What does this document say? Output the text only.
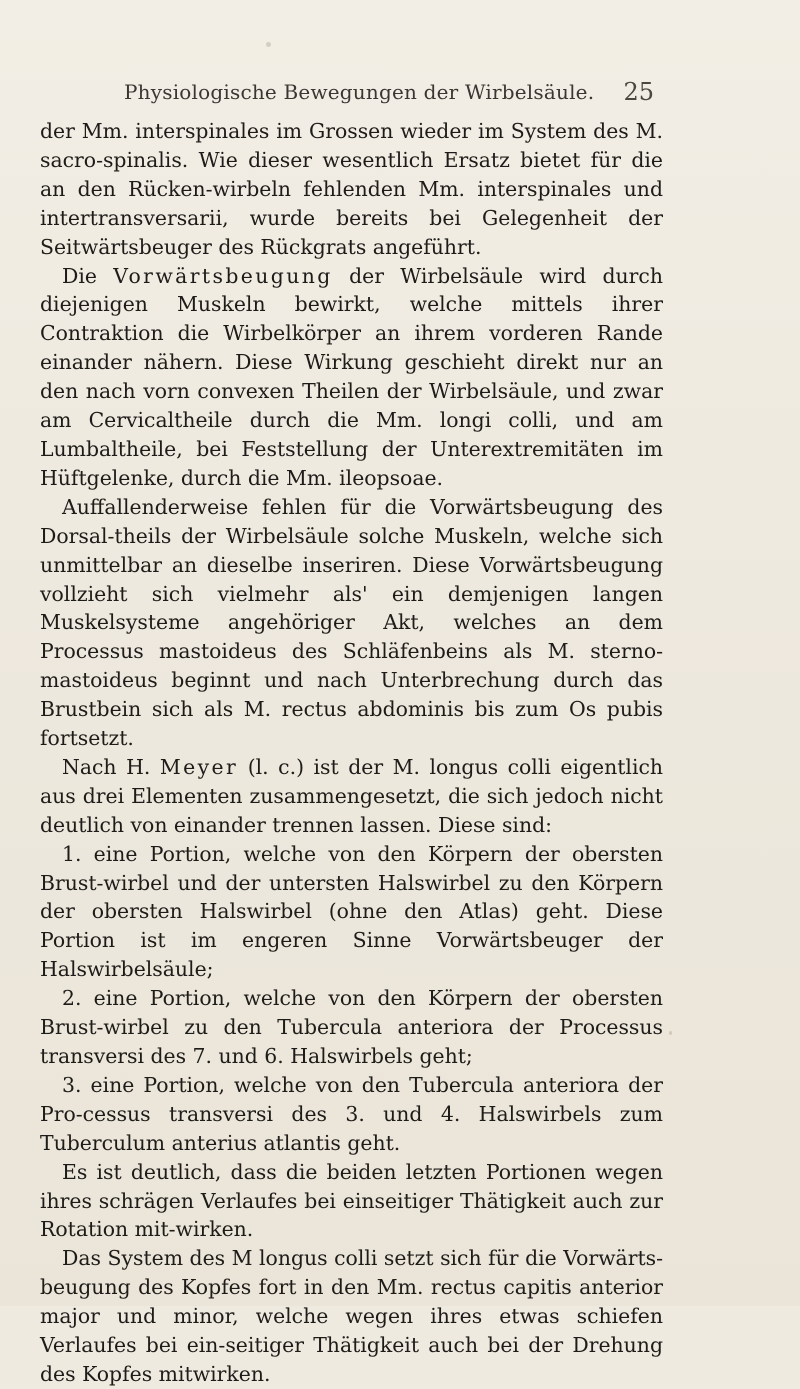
Physiologische Bewegungen der Wirbelsäule. 25

der Mm. interspinales im Grossen wieder im System des M. sacro-spinalis. Wie dieser wesentlich Ersatz bietet für die an den Rücken-wirbeln fehlenden Mm. interspinales und intertransversarii, wurde bereits bei Gelegenheit der Seitwärtsbeuger des Rückgrats angeführt.

Die Vorwärtsbeugung der Wirbelsäule wird durch diejenigen Muskeln bewirkt, welche mittels ihrer Contraktion die Wirbelkörper an ihrem vorderen Rande einander nähern. Diese Wirkung geschieht direkt nur an den nach vorn convexen Theilen der Wirbelsäule, und zwar am Cervicaltheile durch die Mm. longi colli, und am Lumbaltheile, bei Feststellung der Unterextremitäten im Hüftgelenke, durch die Mm. ileopsoae.

Auffallenderweise fehlen für die Vorwärtsbeugung des Dorsal-theils der Wirbelsäule solche Muskeln, welche sich unmittelbar an dieselbe inseriren. Diese Vorwärtsbeugung vollzieht sich vielmehr als' ein demjenigen langen Muskelsysteme angehöriger Akt, welches an dem Processus mastoideus des Schläfenbeins als M. sterno-mastoideus beginnt und nach Unterbrechung durch das Brustbein sich als M. rectus abdominis bis zum Os pubis fortsetzt.

Nach H. Meyer (l. c.) ist der M. longus colli eigentlich aus drei Elementen zusammengesetzt, die sich jedoch nicht deutlich von einander trennen lassen. Diese sind:

1. eine Portion, welche von den Körpern der obersten Brust-wirbel und der untersten Halswirbel zu den Körpern der obersten Halswirbel (ohne den Atlas) geht. Diese Portion ist im engeren Sinne Vorwärtsbeuger der Halswirbelsäule;

2. eine Portion, welche von den Körpern der obersten Brust-wirbel zu den Tubercula anteriora der Processus transversi des 7. und 6. Halswirbels geht;

3. eine Portion, welche von den Tubercula anteriora der Pro-cessus transversi des 3. und 4. Halswirbels zum Tuberculum anterius atlantis geht.

Es ist deutlich, dass die beiden letzten Portionen wegen ihres schrägen Verlaufes bei einseitiger Thätigkeit auch zur Rotation mit-wirken.

Das System des M longus colli setzt sich für die Vorwärts-beugung des Kopfes fort in den Mm. rectus capitis anterior major und minor, welche wegen ihres etwas schiefen Verlaufes bei ein-seitiger Thätigkeit auch bei der Drehung des Kopfes mitwirken.
